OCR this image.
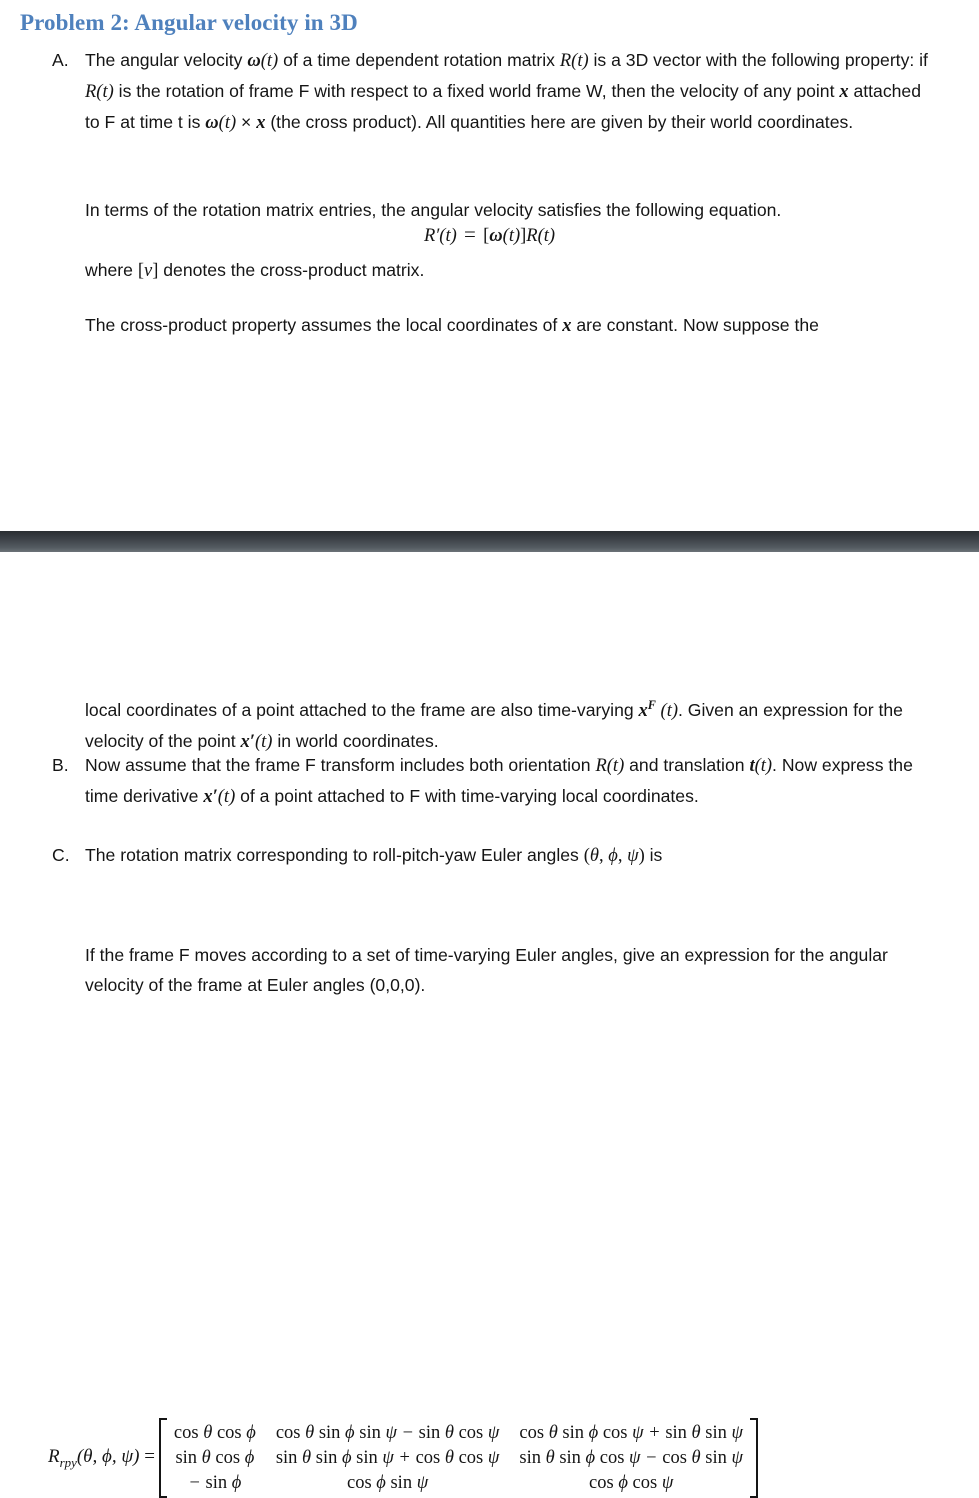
Problem 2: Angular velocity in 3D
A. The angular velocity ω(t) of a time dependent rotation matrix R(t) is a 3D vector with the following property: if R(t) is the rotation of frame F with respect to a fixed world frame W, then the velocity of any point x attached to F at time t is ω(t) × x (the cross product). All quantities here are given by their world coordinates.
In terms of the rotation matrix entries, the angular velocity satisfies the following equation.
R′(t) = [ω(t)]R(t)
where [v] denotes the cross-product matrix.
The cross-product property assumes the local coordinates of x are constant. Now suppose the
local coordinates of a point attached to the frame are also time-varying $x^F$ (t). Given an expression for the velocity of the point x′(t) in world coordinates.
B. Now assume that the frame F transform includes both orientation R(t) and translation t(t). Now express the time derivative x′(t) of a point attached to F with time-varying local coordinates.
C. The rotation matrix corresponding to roll-pitch-yaw Euler angles (θ, ϕ, ψ) is
$R_{rpy}(\theta$, ϕ, ψ) =
cos θ cos ϕ cos θ sin ϕ sin ψ − sin θ cos ψ cos θ sin ϕ cos ψ + sin θ sin ψ
sin θ cos ϕ sin θ sin ϕ sin ψ + cos θ cos ψ sin θ sin ϕ cos ψ − cos θ sin ψ
− sin ϕ	cos ϕ sin ψ	cos ϕ cos ψ
If the frame F moves according to a set of time-varying Euler angles, give an expression for the angular velocity of the frame at Euler angles (0,0,0).
